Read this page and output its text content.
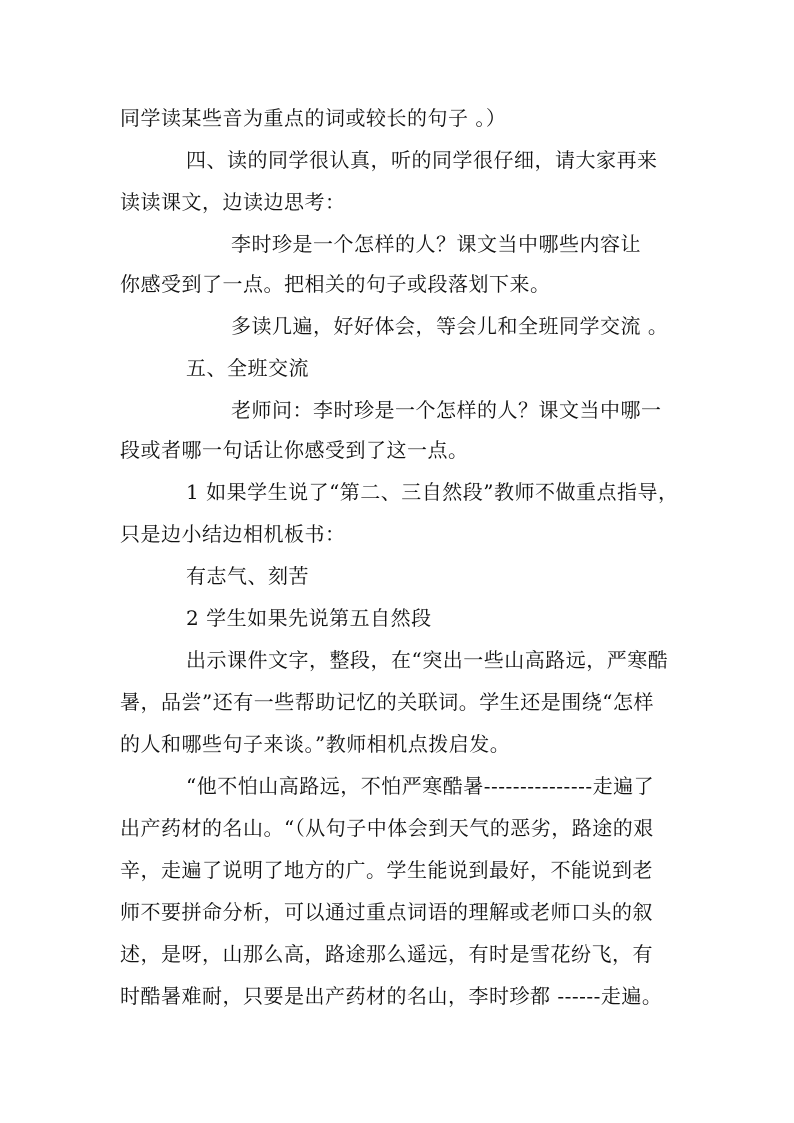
同学读某些音为重点的词或较长的句子 。）
四、读的同学很认真，听的同学很仔细，请大家再来
读读课文，边读边思考：
李时珍是一个怎样的人？课文当中哪些内容让
你感受到了一点。把相关的句子或段落划下来。
多读几遍，好好体会，等会儿和全班同学交流 。
五、全班交流
老师问：李时珍是一个怎样的人？课文当中哪一
段或者哪一句话让你感受到了这一点。
1 如果学生说了“第二、三自然段”教师不做重点指导，
只是边小结边相机板书：
有志气、刻苦
2 学生如果先说第五自然段
出示课件文字，整段，在“突出一些山高路远，严寒酷
暑，品尝”还有一些帮助记忆的关联词。学生还是围绕“怎样
的人和哪些句子来谈。”教师相机点拨启发。
“他不怕山高路远，不怕严寒酷暑---------------走遍了
出产药材的名山。“（从句子中体会到天气的恶劣，路途的艰
辛，走遍了说明了地方的广。学生能说到最好，不能说到老
师不要拼命分析，可以通过重点词语的理解或老师口头的叙
述，是呀，山那么高，路途那么遥远，有时是雪花纷飞，有
时酷暑难耐，只要是出产药材的名山，李时珍都 ------走遍。
